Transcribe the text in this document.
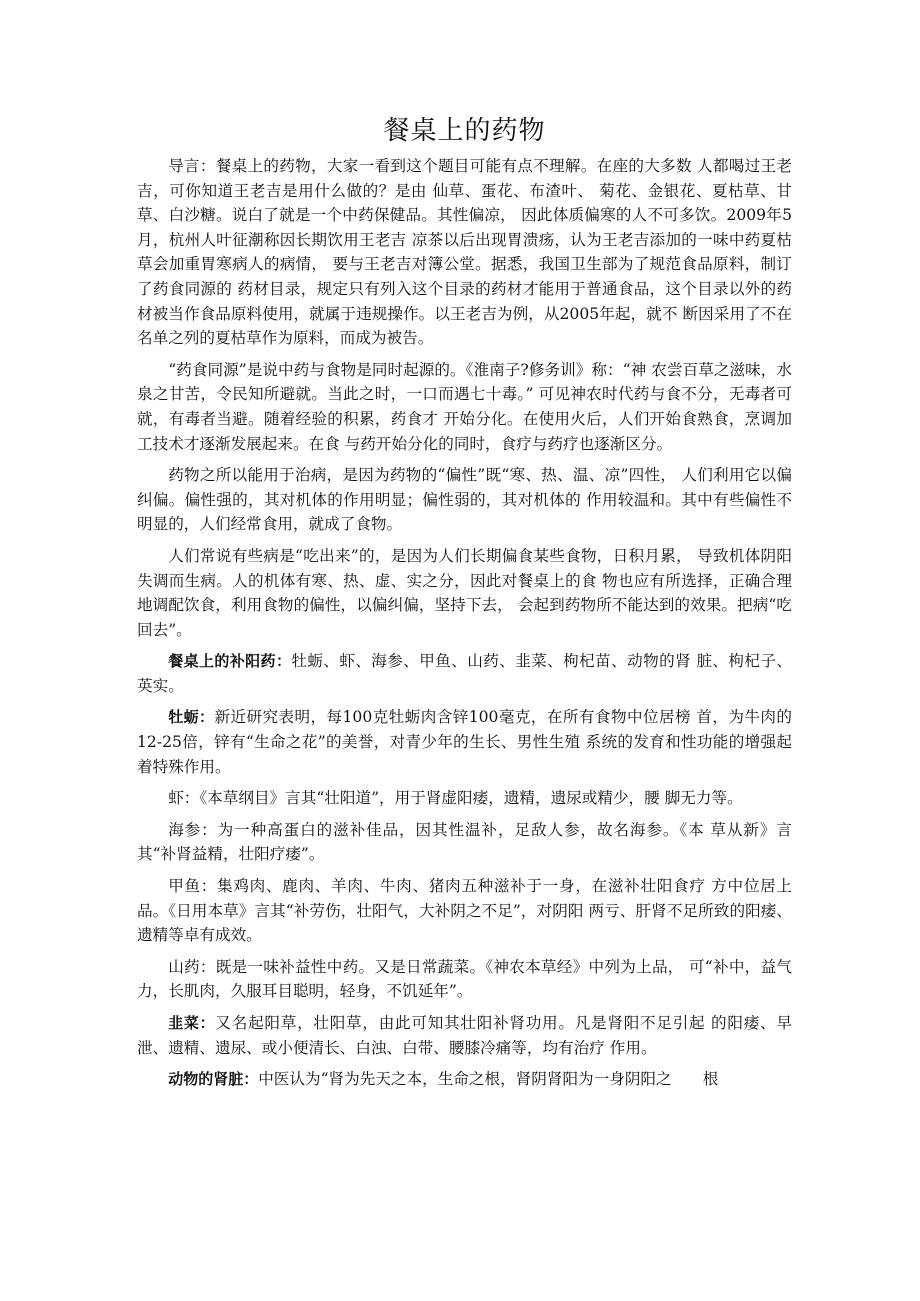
餐桌上的药物

导言：餐桌上的药物，大家一看到这个题目可能有点不理解。在座的大多数 人都喝过王老吉，可你知道王老吉是用什么做的？是由 仙草、蛋花、布渣叶、 菊花、金银花、夏枯草、甘草、白沙糖。说白了就是一个中药保健品。其性偏凉， 因此体质偏寒的人不可多饮。2009年5月，杭州人叶征潮称因长期饮用王老吉 凉茶以后出现胃溃疡，认为王老吉添加的一味中药夏枯草会加重胃寒病人的病情， 要与王老吉对簿公堂。据悉，我国卫生部为了规范食品原料，制订了药食同源的 药材目录，规定只有列入这个目录的药材才能用于普通食品，这个目录以外的药 材被当作食品原料使用，就属于违规操作。以王老吉为例，从2005年起，就不 断因采用了不在名单之列的夏枯草作为原料，而成为被告。

“药食同源”是说中药与食物是同时起源的。《淮南子?修务训》称：“神 农尝百草之滋味，水泉之甘苦，令民知所避就。当此之时，一口而遇七十毒。” 可见神农时代药与食不分，无毒者可就，有毒者当避。随着经验的积累，药食才 开始分化。在使用火后，人们开始食熟食，烹调加工技术才逐渐发展起来。在食 与药开始分化的同时，食疗与药疗也逐渐区分。

药物之所以能用于治病，是因为药物的“偏性”既“寒、热、温、凉”四性， 人们利用它以偏纠偏。偏性强的，其对机体的作用明显；偏性弱的，其对机体的 作用较温和。其中有些偏性不明显的，人们经常食用，就成了食物。

人们常说有些病是“吃出来”的，是因为人们长期偏食某些食物，日积月累， 导致机体阴阳失调而生病。人的机体有寒、热、虚、实之分，因此对餐桌上的食 物也应有所选择，正确合理地调配饮食，利用食物的偏性，以偏纠偏，坚持下去， 会起到药物所不能达到的效果。把病“吃回去”。

餐桌上的补阳药：牡蛎、虾、海参、甲鱼、山药、韭菜、枸杞苗、动物的肾 脏、枸杞子、英实。

牡蛎：新近研究表明，每100克牡蛎肉含锌100毫克，在所有食物中位居榜 首，为牛肉的12-25倍，锌有“生命之花”的美誉，对青少年的生长、男性生殖 系统的发育和性功能的增强起着特殊作用。

虾：《本草纲目》言其“壮阳道”，用于肾虚阳痿，遗精，遗尿或精少，腰 脚无力等。

海参：为一种高蛋白的滋补佳品，因其性温补，足敌人参，故名海参。《本 草从新》言其“补肾益精，壮阳疗痿”。

甲鱼：集鸡肉、鹿肉、羊肉、牛肉、猪肉五种滋补于一身，在滋补壮阳食疗 方中位居上品。《日用本草》言其“补劳伤，壮阳气，大补阴之不足”，对阴阳 两亏、肝肾不足所致的阳痿、遗精等卓有成效。

山药：既是一味补益性中药。又是日常蔬菜。《神农本草经》中列为上品， 可“补中，益气力，长肌肉，久服耳目聪明，轻身，不饥延年”。

韭菜：又名起阳草，壮阳草，由此可知其壮阳补肾功用。凡是肾阳不足引起 的阳痿、早泄、遗精、遗尿、或小便清长、白浊、白带、腰膝冷痛等，均有治疗 作用。

动物的肾脏：中医认为“肾为先天之本，生命之根，肾阴肾阳为一身阴阳之　　根
